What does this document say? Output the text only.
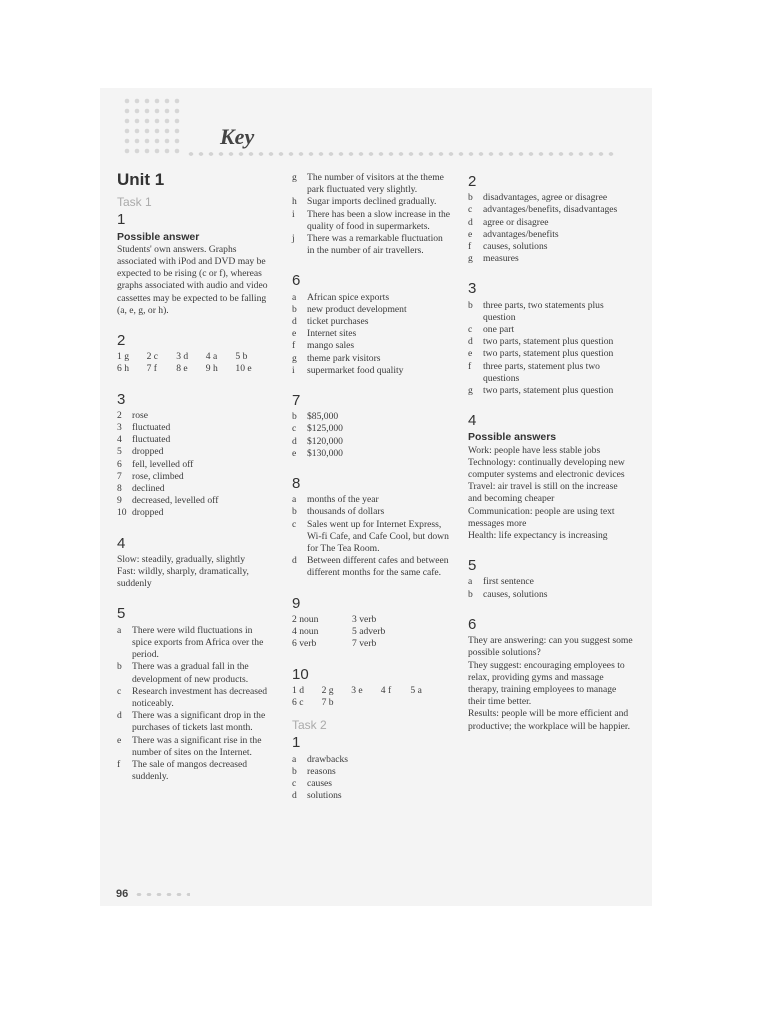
Key
Unit 1
Task 1
1
Possible answer

Students' own answers. Graphs associated with iPod and DVD may be expected to be rising (c or f), whereas graphs associated with audio and video cassettes may be expected to be falling (a, e, g, or h).

2
1 g	2 c	3 d	4 a	5 b
6 h	7 f	8 e	9 h	10 e
3
2	rose
3	fluctuated
4	fluctuated
5	dropped
6	fell, levelled off
7	rose, climbed
8	declined
9	decreased, levelled off
10 dropped
4

Slow: steadily, gradually, slightly

Fast: wildly, sharply, dramatically, suddenly

5
a	There were wild fluctuations in spice exports from Africa over the period.
b	There was a gradual fall in the development of new products.
c	Research investment has decreased noticeably.
d	There was a significant drop in the purchases of tickets last month.
e	There was a significant rise in the number of sites on the Internet.
f	The sale of mangos decreased suddenly.
g	The number of visitors at the theme park fluctuated very slightly.
h	Sugar imports declined gradually.
i	There has been a slow increase in the quality of food in supermarkets.
j	There was a remarkable fluctuation in the number of air travellers.
6
a	African spice exports
b	new product development
d	ticket purchases
e	Internet sites
f	mango sales
g	theme park visitors
i	supermarket food quality
7
b	$85,000
c	$125,000
d	$120,000
e	$130,000
8
a	months of the year
b	thousands of dollars
c	Sales went up for Internet Express, Wi-fi Cafe, and Cafe Cool, but down for The Tea Room.
d	Between different cafes and between different months for the same cafe.
9
2 noun	3 verb
4 noun	5 adverb
6 verb	7 verb
10
1 d	2 g	3 e	4 f	5 a
6 c	7 b
Task 2
1
a	drawbacks
b	reasons
c	causes
d	solutions
2
b	disadvantages, agree or disagree
c	advantages/benefits, disadvantages
d	agree or disagree
e	advantages/benefits
f	causes, solutions
g	measures
3
b	three parts, two statements plus question
c	one part
d	two parts, statement plus question
e	two parts, statement plus question
f	three parts, statement plus two questions
g	two parts, statement plus question
4
Possible answers

Work: people have less stable jobs

Technology: continually developing new computer systems and electronic devices

Travel: air travel is still on the increase and becoming cheaper

Communication: people are using text messages more

Health: life expectancy is increasing

5
a	first sentence
b	causes, solutions
6

They are answering: can you suggest some possible solutions?

They suggest: encouraging employees to relax, providing gyms and massage therapy, training employees to manage their time better.

Results: people will be more efficient and productive; the workplace will be happier.

96
